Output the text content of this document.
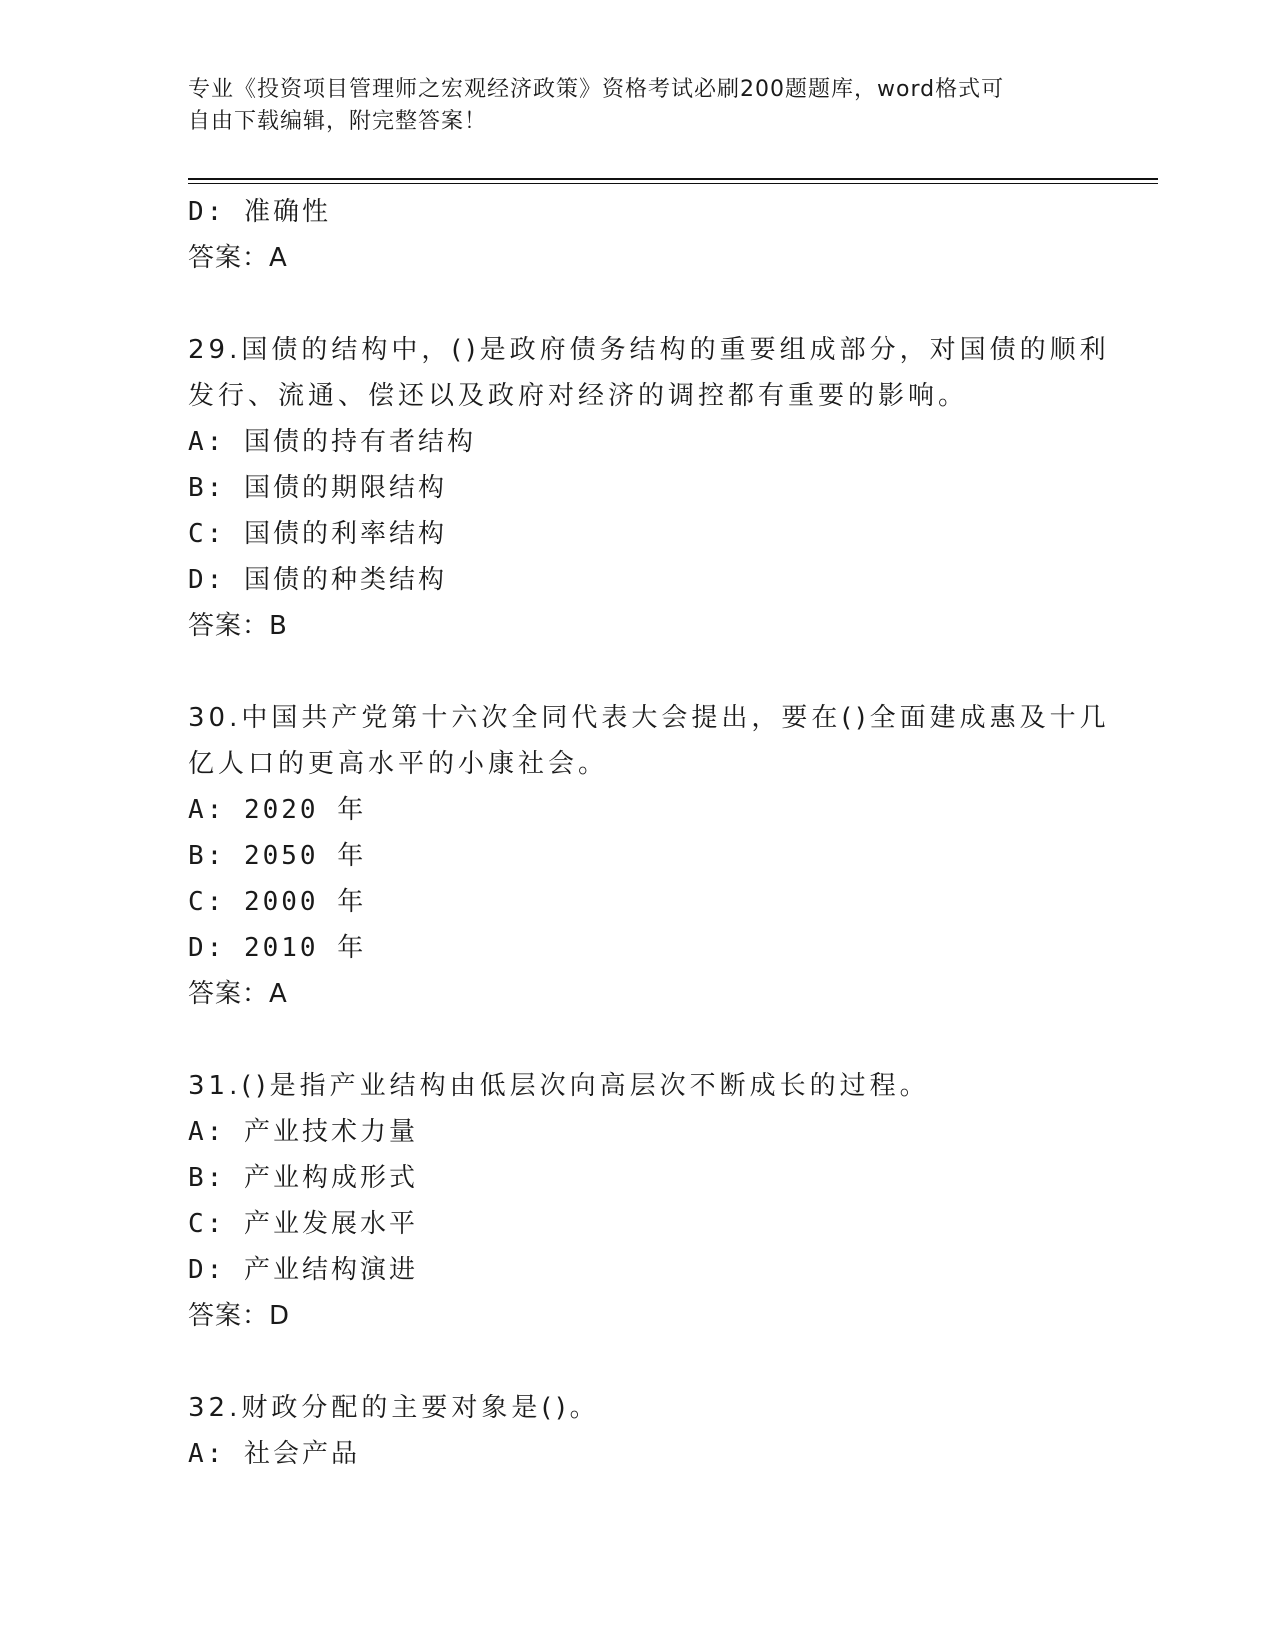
专业《投资项目管理师之宏观经济政策》资格考试必刷200题题库，word格式可
自由下载编辑，附完整答案！
D: 准确性
答案：A
29.国债的结构中，()是政府债务结构的重要组成部分，对国债的顺利
发行、流通、偿还以及政府对经济的调控都有重要的影响。
A: 国债的持有者结构
B: 国债的期限结构
C: 国债的利率结构
D: 国债的种类结构
答案：B
30.中国共产党第十六次全同代表大会提出，要在()全面建成惠及十几
亿人口的更高水平的小康社会。
A: 2020 年
B: 2050 年
C: 2000 年
D: 2010 年
答案：A
31.()是指产业结构由低层次向高层次不断成长的过程。
A: 产业技术力量
B: 产业构成形式
C: 产业发展水平
D: 产业结构演进
答案：D
32.财政分配的主要对象是()。
A: 社会产品
